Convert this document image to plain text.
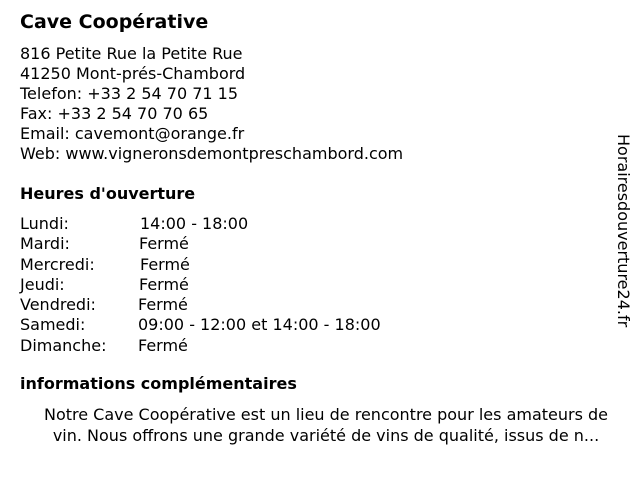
Cave Coopérative
816 Petite Rue la Petite Rue
41250 Mont-prés-Chambord
Telefon: +33 2 54 70 71 15
Fax: +33 2 54 70 70 65
Email: cavemont@orange.fr
Web: www.vigneronsdemontpreschambord.com
Heures d'ouverture
Lundi:	14:00 - 18:00
Mardi:	Fermé
Mercredi:	Fermé
Jeudi:	Fermé
Vendredi:	Fermé
Samedi:	09:00 - 12:00 et 14:00 - 18:00
Dimanche: Fermé
informations complémentaires
Notre Cave Coopérative est un lieu de rencontre pour les amateurs de
vin. Nous offrons une grande variété de vins de qualité, issus de n...
Horairesdouverture24.fr
